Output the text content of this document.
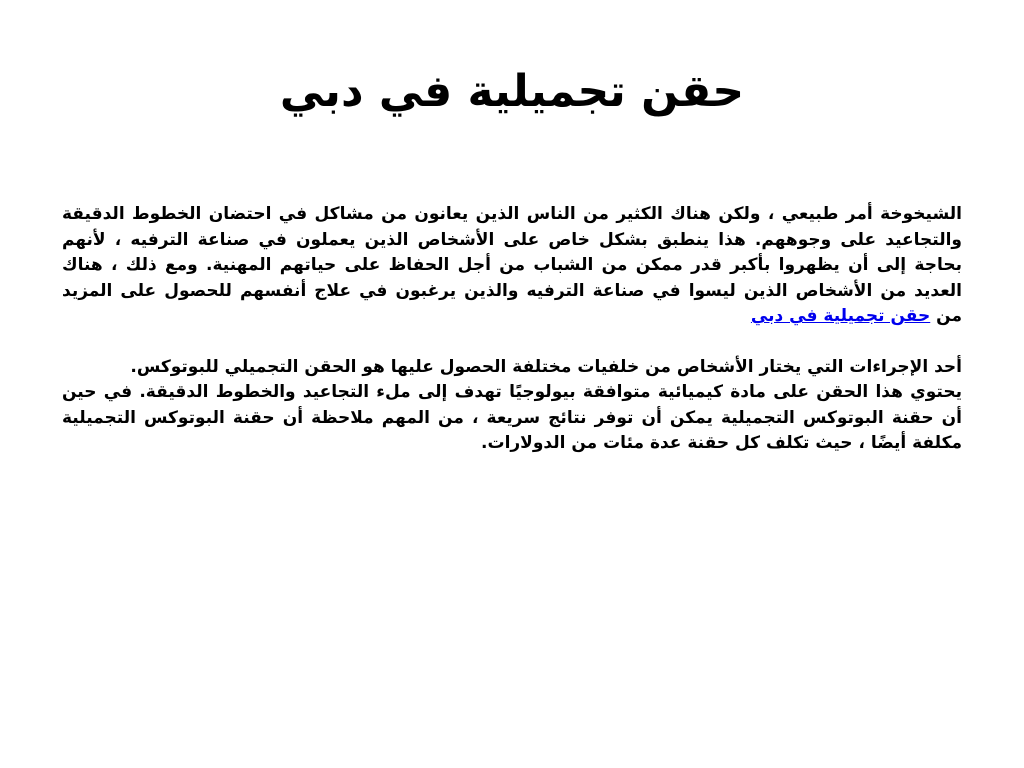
حقن تجميلية في دبي

الشيخوخة أمر طبيعي ، ولكن هناك الكثير من الناس الذين يعانون من مشاكل في احتضان الخطوط الدقيقة والتجاعيد على وجوههم. هذا ينطبق بشكل خاص على الأشخاص الذين يعملون في صناعة الترفيه ، لأنهم بحاجة إلى أن يظهروا بأكبر قدر ممكن من الشباب من أجل الحفاظ على حياتهم المهنية. ومع ذلك ، هناك العديد من الأشخاص الذين ليسوا في صناعة الترفيه والذين يرغبون في علاج أنفسهم للحصول على المزيد من حقن تجميلية في دبي

أحد الإجراءات التي يختار الأشخاص من خلفيات مختلفة الحصول عليها هو الحقن التجميلي للبوتوكس.
يحتوي هذا الحقن على مادة كيميائية متوافقة بيولوجيًا تهدف إلى ملء التجاعيد والخطوط الدقيقة. في حين أن حقنة البوتوكس التجميلية يمكن أن توفر نتائج سريعة ، من المهم ملاحظة أن حقنة البوتوكس التجميلية مكلفة أيضًا ، حيث تكلف كل حقنة عدة مئات من الدولارات.
